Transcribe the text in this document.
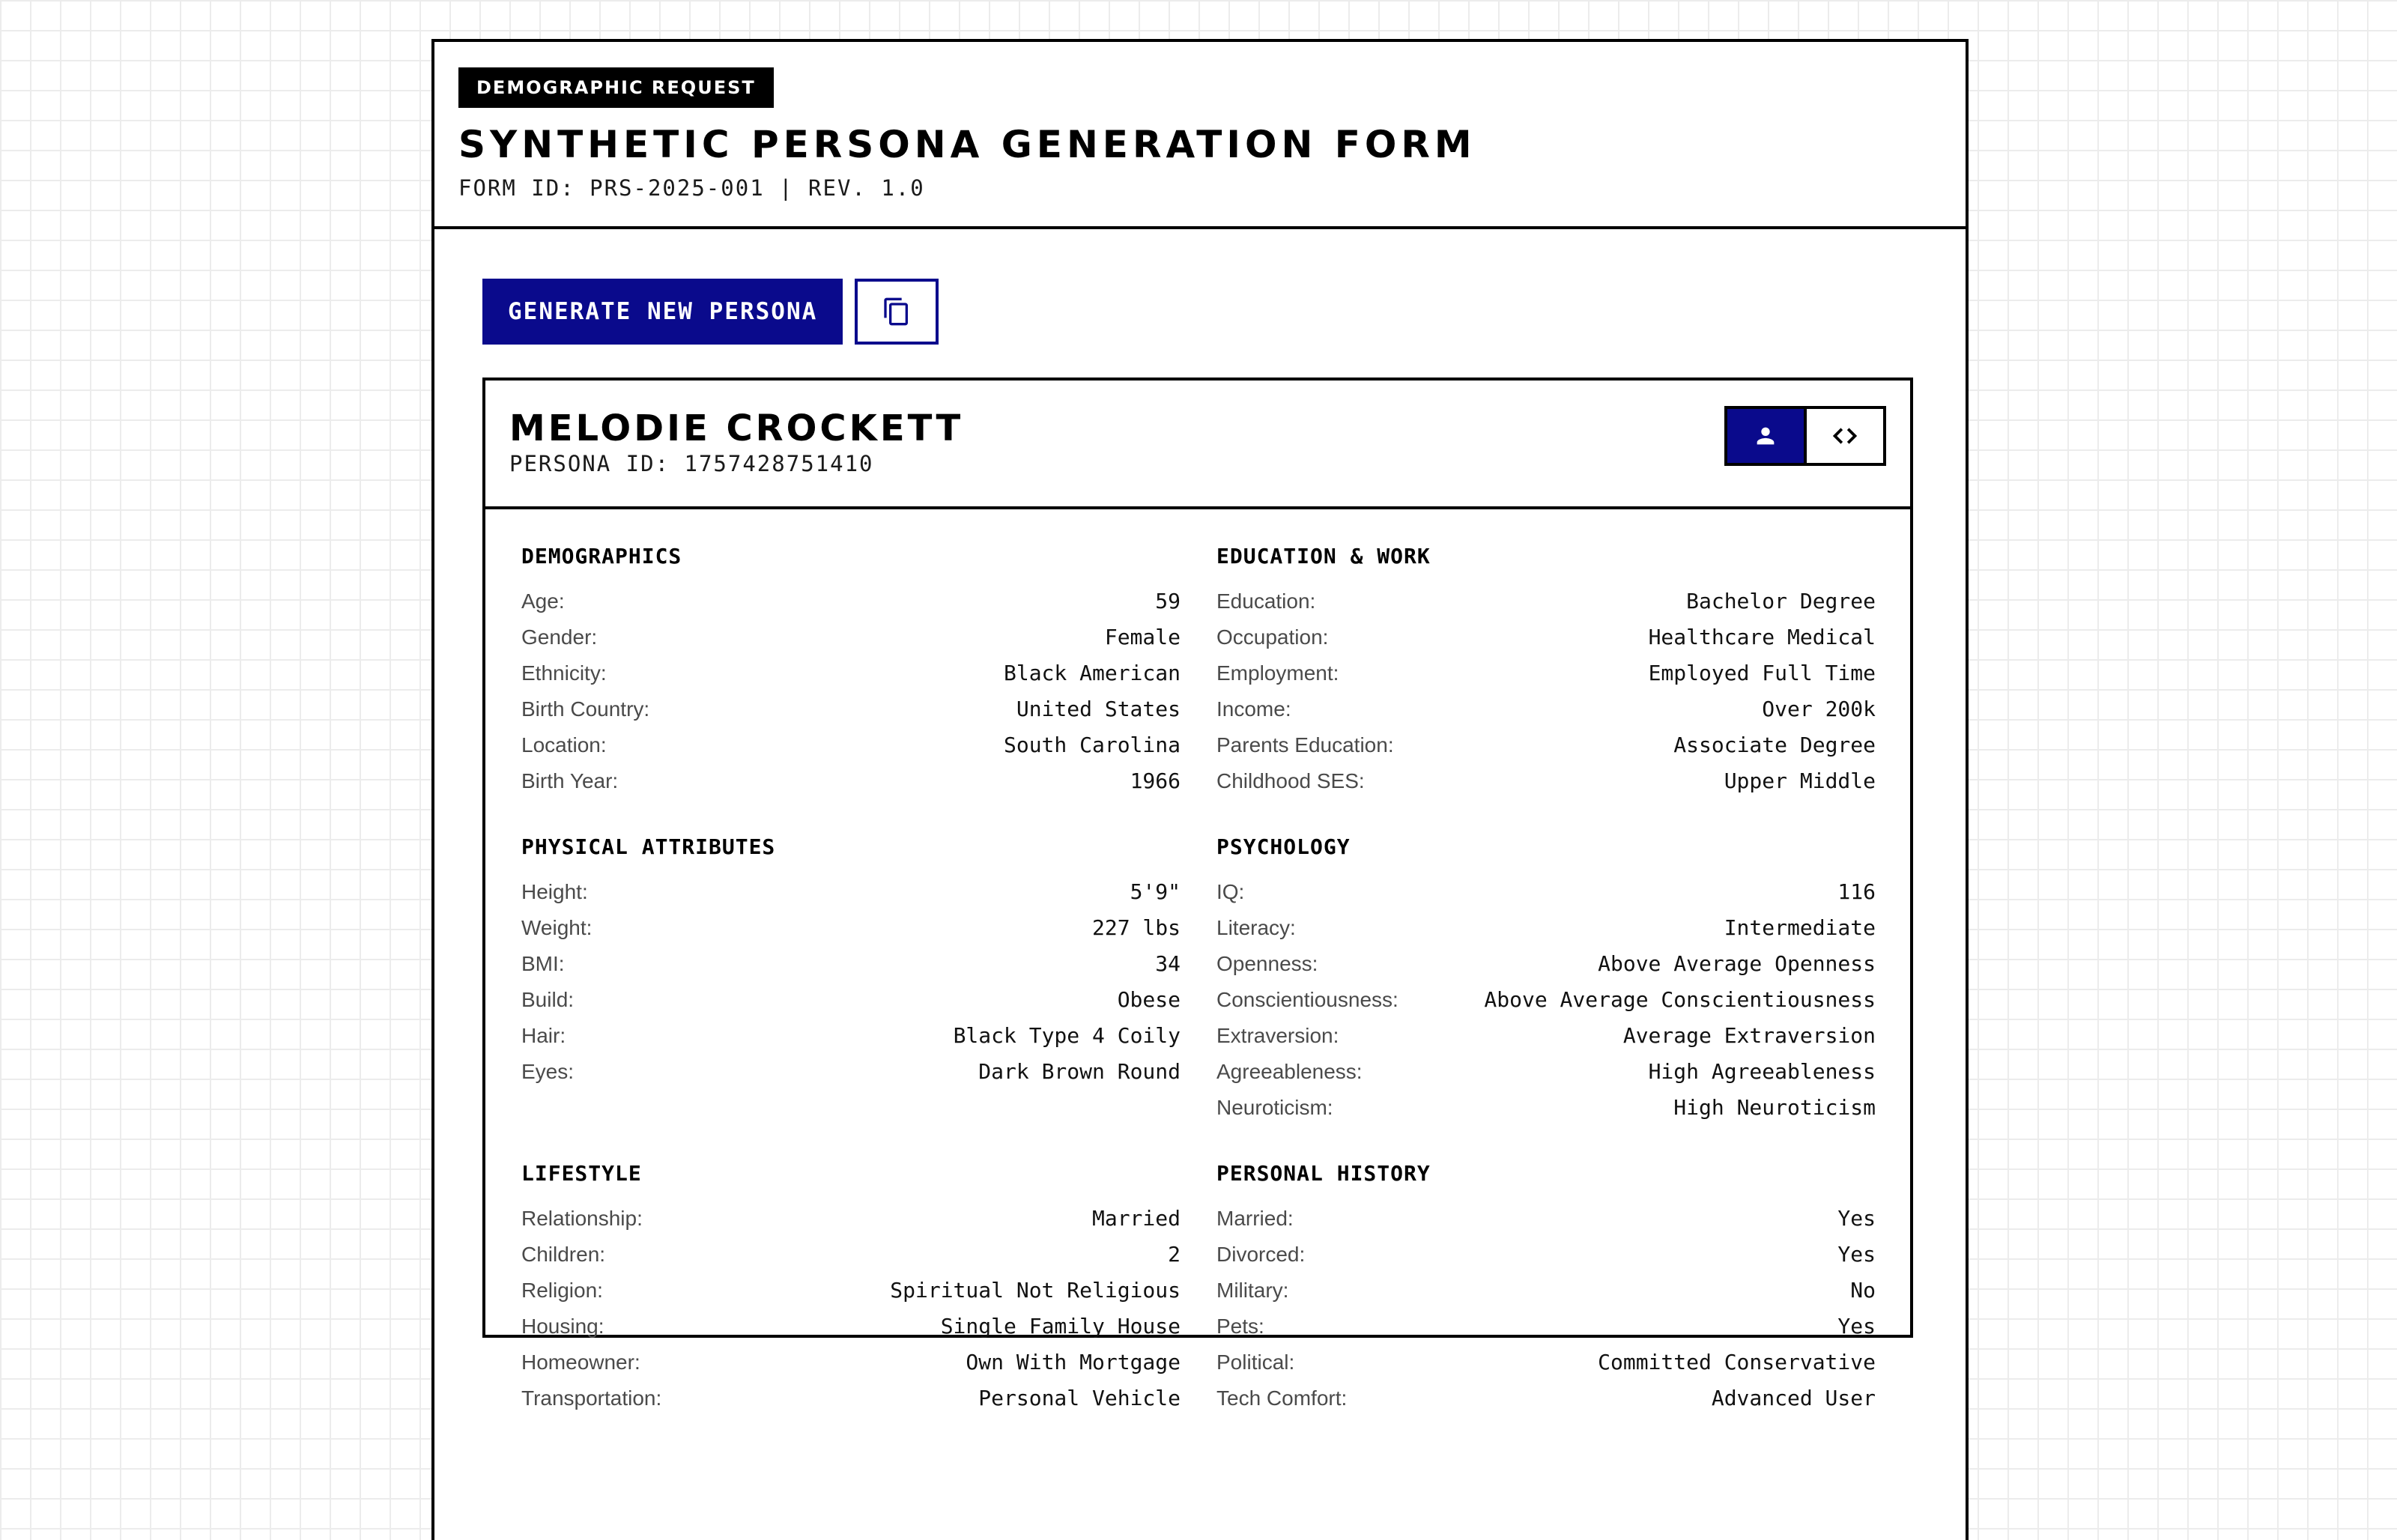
DEMOGRAPHIC REQUEST
SYNTHETIC PERSONA GENERATION FORM
FORM ID: PRS-2025-001 | REV. 1.0
GENERATE NEW PERSONA
MELODIE CROCKETT
PERSONA ID: 1757428751410
DEMOGRAPHICS
Age:	59
Gender:	Female
Ethnicity:	Black American
Birth Country:	United States
Location:	South Carolina
Birth Year:	1966
EDUCATION & WORK
Education:	Bachelor Degree
Occupation:	Healthcare Medical
Employment:	Employed Full Time
Income:	Over 200k
Parents Education:	Associate Degree
Childhood SES:	Upper Middle
PHYSICAL ATTRIBUTES
Height:	5'9"
Weight:	227 lbs
BMI:	34
Build:	Obese
Hair:	Black Type 4 Coily
Eyes:	Dark Brown Round
PSYCHOLOGY
IQ:	116
Literacy:	Intermediate
Openness:	Above Average Openness
Conscientiousness:	Above Average Conscientiousness
Extraversion:	Average Extraversion
Agreeableness:	High Agreeableness
Neuroticism:	High Neuroticism
LIFESTYLE
Relationship:	Married
Children:	2
Religion:	Spiritual Not Religious
Housing:	Single Family House
Homeowner:	Own With Mortgage
Transportation:	Personal Vehicle
PERSONAL HISTORY
Married:	Yes
Divorced:	Yes
Military:	No
Pets:	Yes
Political:	Committed Conservative
Tech Comfort:	Advanced User
